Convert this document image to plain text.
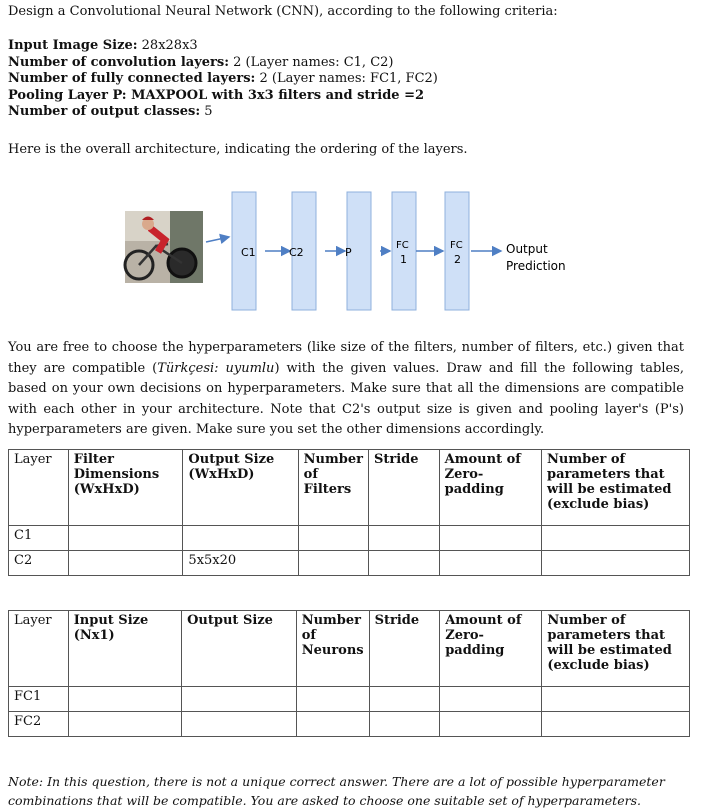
Design a Convolutional Neural Network (CNN), according to the following criteria:
Input Image Size: 28x28x3
Number of convolution layers: 2 (Layer names: C1, C2)
Number of fully connected layers: 2 (Layer names: FC1, FC2)
Pooling Layer P: MAXPOOL with 3x3 filters and stride =2
Number of output classes: 5
Here is the overall architecture, indicating the ordering of the layers.
C1	C2	P
FC
1
FC
2
Output
Prediction
You are free to choose the hyperparameters (like size of the filters, number of filters, etc.) given that they are compatible (Türkçesi: uyumlu) with the given values. Draw and fill the following tables, based on your own decisions on hyperparameters. Make sure that all the dimensions are compatible with each other in your architecture. Note that C2's output size is given and pooling layer's (P's) hyperparameters are given. Make sure you set the other dimensions accordingly.
Layer	Filter Dimensions (WxHxD)	Output Size (WxHxD)	Number of Filters	Stride	Amount of Zero-padding	Number of parameters that will be estimated (exclude bias)
C1						
C2		5x5x20				
Layer	Input Size (Nx1)	Output Size	Number of Neurons	Stride	Amount of Zero-padding	Number of parameters that will be estimated (exclude bias)
FC1						
FC2						
Note: In this question, there is not a unique correct answer. There are a lot of possible hyperparameter combinations that will be compatible. You are asked to choose one suitable set of hyperparameters.
